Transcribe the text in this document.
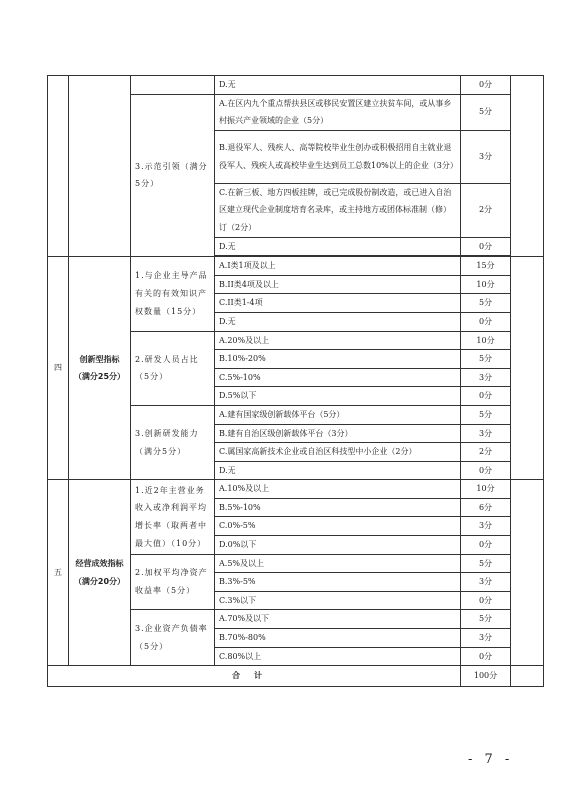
			D.无	0分	
		3.示范引领（满分5分）	A.在区内九个重点帮扶县区或移民安置区建立扶贫车间，或从事乡村振兴产业领域的企业（5分）	5分	
			B.退役军人、残疾人、高等院校毕业生创办或积极招用自主就业退役军人、残疾人或高校毕业生达到员工总数10%以上的企业（3分）	3分	
			C.在新三板、地方四板挂牌，或已完成股份制改造，或已进入自治区建立现代企业制度培育名录库，或主持地方或团体标准制（修）订（2分）	2分	
			D.无	0分	

四	创新型指标（满分25分）	1.与企业主导产品有关的有效知识产权数量（15分）	A.I类1项及以上	15分	
			B.II类4项及以上	10分	
			C.II类1-4项	5分	
			D.无	0分	
		2.研发人员占比（5分）	A.20%及以上	10分	
			B.10%-20%	5分	
			C.5%-10%	3分	
			D.5%以下	0分	
		3.创新研发能力（满分5分）	A.建有国家级创新载体平台（5分）	5分	
			B.建有自治区级创新载体平台（3分）	3分	
			C.属国家高新技术企业或自治区科技型中小企业（2分）	2分	
			D.无	0分	
五	经营成效指标（满分20分）	1.近2年主营业务收入或净利润平均增长率（取两者中最大值）（10分）	A.10%及以上	10分	
			B.5%-10%	6分	
			C.0%-5%	3分	
			D.0%以下	0分	
		2.加权平均净资产收益率（5分）	A.5%及以上	5分	
			B.3%-5%	3分	
			C.3%以下	0分	
		3.企业资产负债率（5分）	A.70%及以下	5分	
			B.70%-80%	3分	
			C.80%以上	0分	
合计				100分	
- 7 -
